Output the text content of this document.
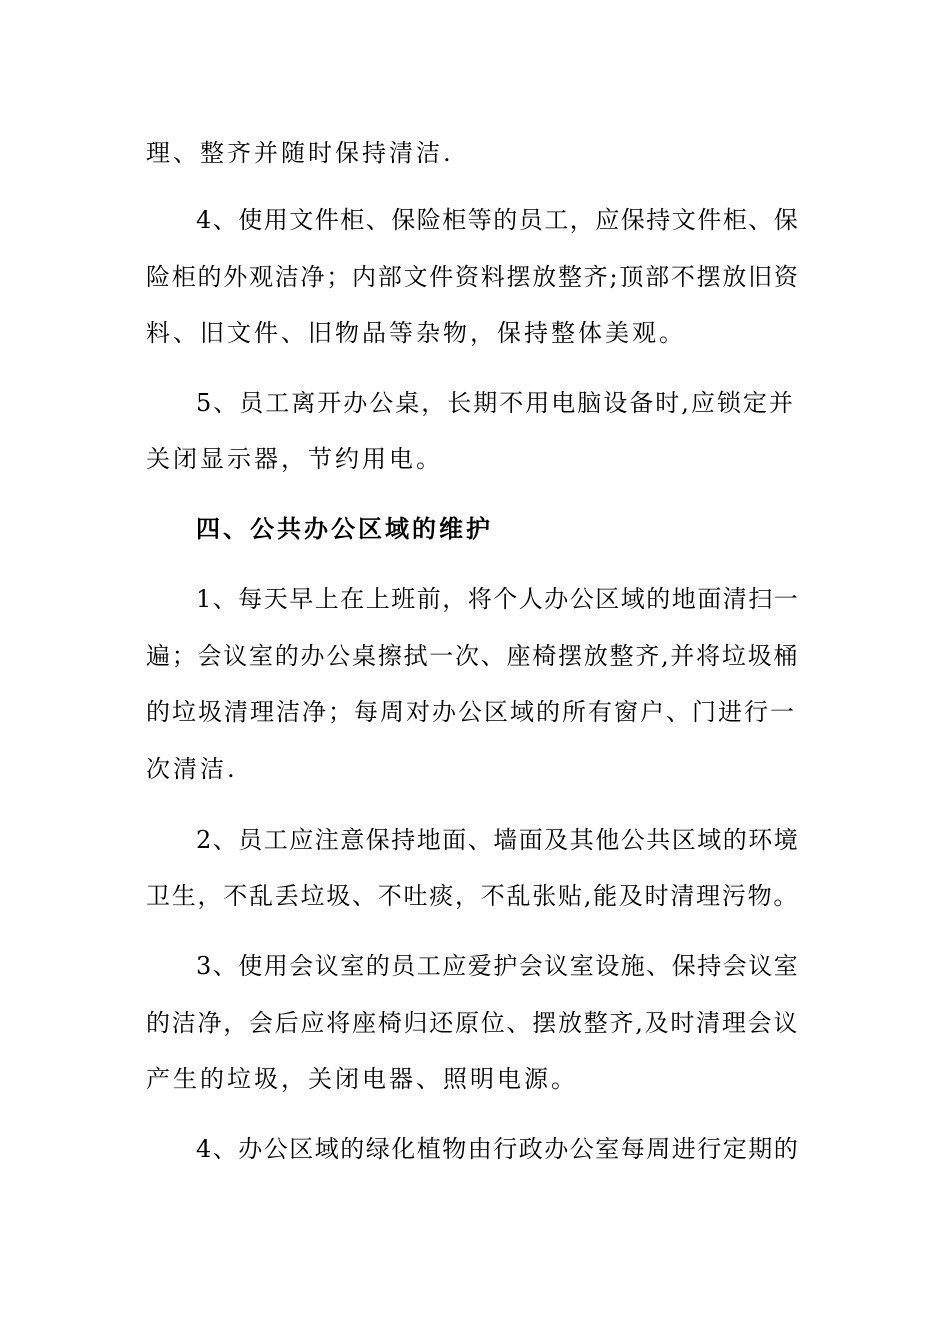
理、整齐并随时保持清洁.
4、使用文件柜、保险柜等的员工，应保持文件柜、保
险柜的外观洁净；内部文件资料摆放整齐;顶部不摆放旧资
料、旧文件、旧物品等杂物，保持整体美观。
5、员工离开办公桌，长期不用电脑设备时,应锁定并
关闭显示器，节约用电。
四、公共办公区域的维护
1、每天早上在上班前，将个人办公区域的地面清扫一
遍；会议室的办公桌擦拭一次、座椅摆放整齐,并将垃圾桶
的垃圾清理洁净；每周对办公区域的所有窗户、门进行一
次清洁.
2、员工应注意保持地面、墙面及其他公共区域的环境
卫生，不乱丢垃圾、不吐痰，不乱张贴,能及时清理污物。
3、使用会议室的员工应爱护会议室设施、保持会议室
的洁净，会后应将座椅归还原位、摆放整齐,及时清理会议
产生的垃圾，关闭电器、照明电源。
4、办公区域的绿化植物由行政办公室每周进行定期的
